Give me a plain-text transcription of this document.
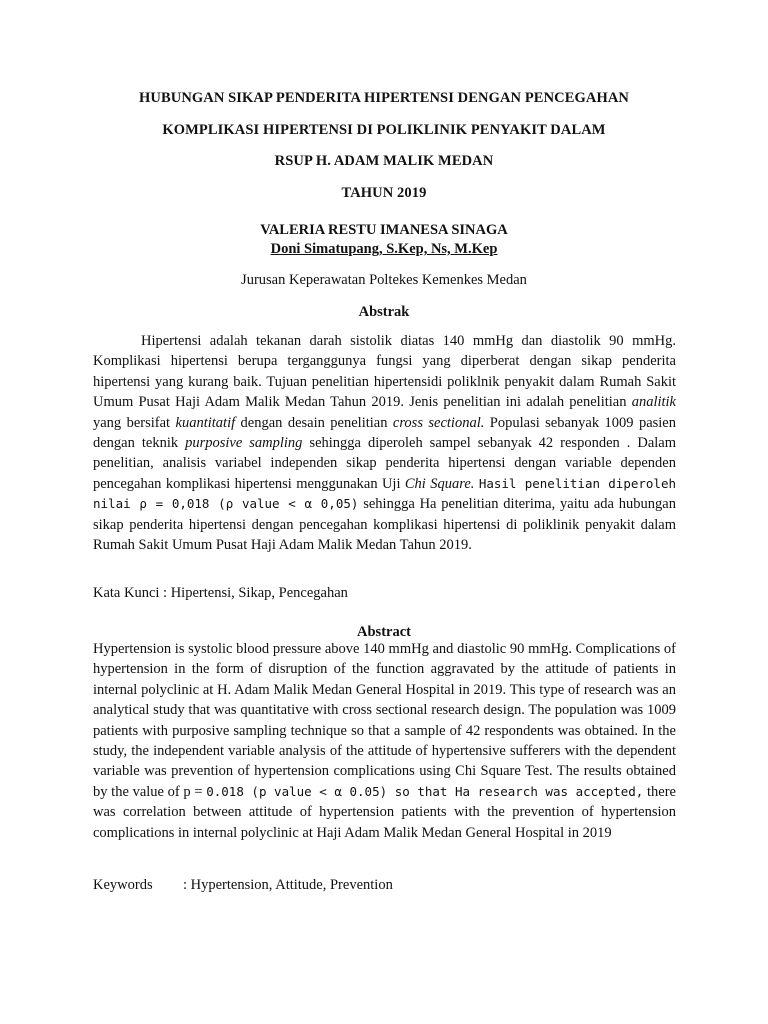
HUBUNGAN SIKAP PENDERITA HIPERTENSI DENGAN PENCEGAHAN
KOMPLIKASI HIPERTENSI DI POLIKLINIK PENYAKIT DALAM
RSUP H. ADAM MALIK MEDAN
TAHUN 2019
VALERIA RESTU IMANESA SINAGA
Doni Simatupang, S.Kep, Ns, M.Kep
Jurusan Keperawatan Poltekes Kemenkes Medan
Abstrak

Hipertensi adalah tekanan darah sistolik diatas 140 mmHg dan diastolik 90 mmHg. Komplikasi hipertensi berupa terganggunya fungsi yang diperberat dengan sikap penderita hipertensi yang kurang baik. Tujuan penelitian hipertensidi poliklnik penyakit dalam Rumah Sakit Umum Pusat Haji Adam Malik Medan Tahun 2019. Jenis penelitian ini adalah penelitian analitik yang bersifat kuantitatif dengan desain penelitian cross sectional. Populasi sebanyak 1009 pasien dengan teknik purposive sampling sehingga diperoleh sampel sebanyak 42 responden . Dalam penelitian, analisis variabel independen sikap penderita hipertensi dengan variable dependen pencegahan komplikasi hipertensi menggunakan Uji Chi Square. Hasil penelitian diperoleh nilai ρ = 0,018 (ρ value < α 0,05) sehingga Ha penelitian diterima, yaitu ada hubungan sikap penderita hipertensi dengan pencegahan komplikasi hipertensi di poliklinik penyakit dalam Rumah Sakit Umum Pusat Haji Adam Malik Medan Tahun 2019.

Kata Kunci : Hipertensi, Sikap, Pencegahan
Abstract

Hypertension is systolic blood pressure above 140 mmHg and diastolic 90 mmHg. Complications of hypertension in the form of disruption of the function aggravated by the attitude of patients in internal polyclinic at H. Adam Malik Medan General Hospital in 2019. This type of research was an analytical study that was quantitative with cross sectional research design. The population was 1009 patients with purposive sampling technique so that a sample of 42 respondents was obtained. In the study, the independent variable analysis of the attitude of hypertensive sufferers with the dependent variable was prevention of hypertension complications using Chi Square Test. The results obtained by the value of p = 0.018 (p value < α 0.05) so that Ha research was accepted, there was correlation between attitude of hypertension patients with the prevention of hypertension complications in internal polyclinic at Haji Adam Malik Medan General Hospital in 2019

Keywords : Hypertension, Attitude, Prevention
